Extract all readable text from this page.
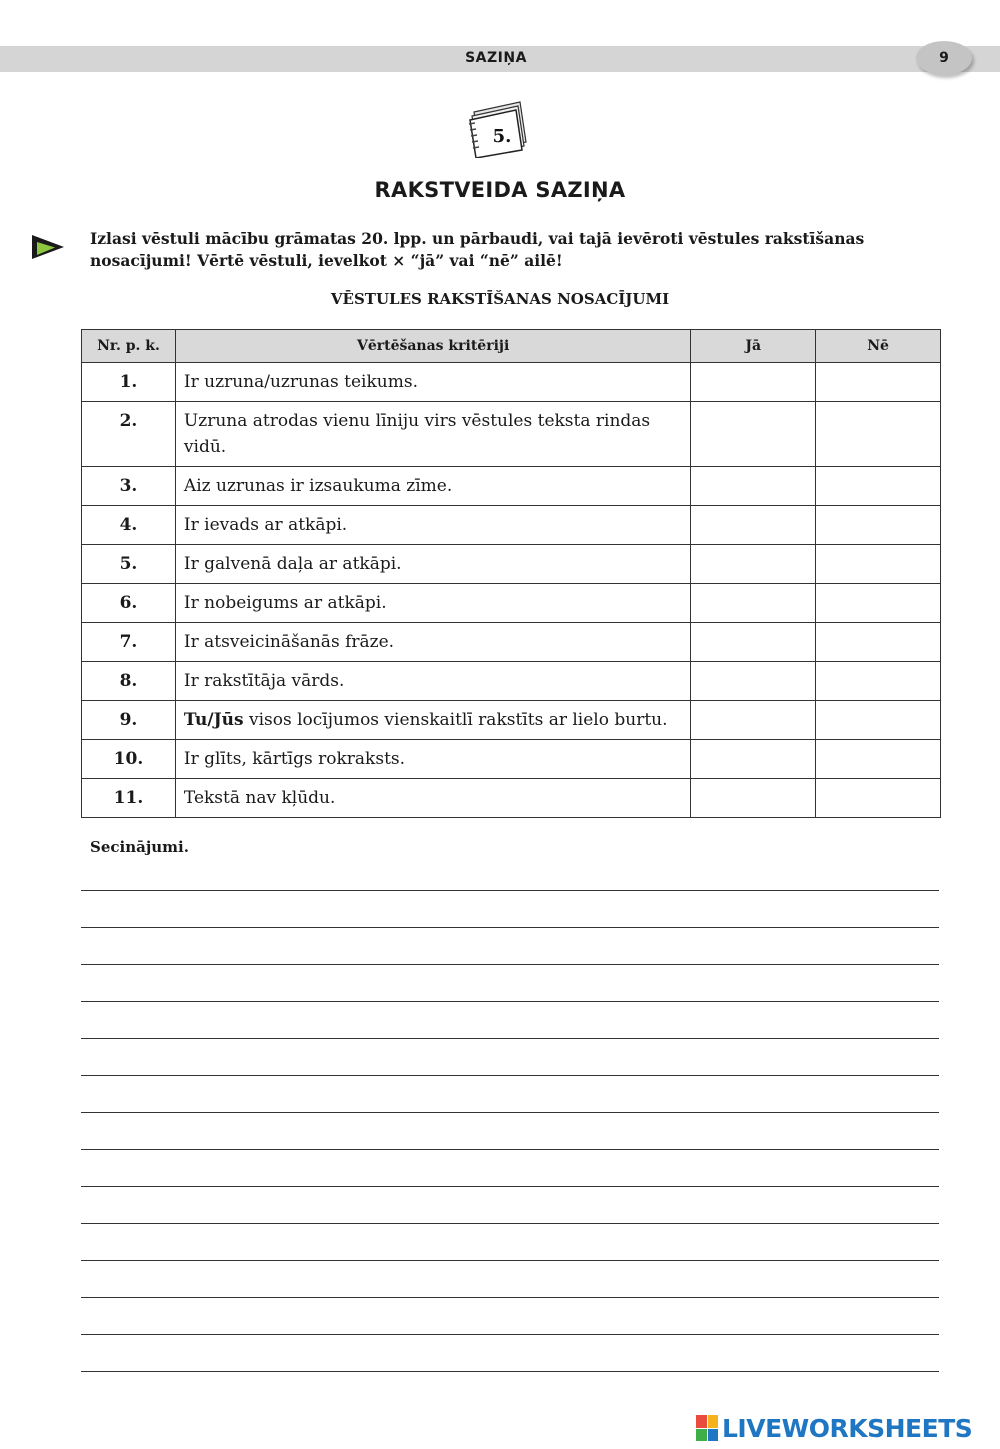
SAZIŅA	9
5.
RAKSTVEIDA SAZIŅA
Izlasi vēstuli mācību grāmatas 20. lpp. un pārbaudi, vai tajā ievēroti vēstules rakstīšanas nosacījumi! Vērtē vēstuli, ievelkot × “jā” vai “nē” ailē!
VĒSTULES RAKSTĪŠANAS NOSACĪJUMI
Nr. p. k.	Vērtēšanas kritēriji	Jā	Nē
1.	Ir uzruna/uzrunas teikums.		
2.	Uzruna atrodas vienu līniju virs vēstules teksta rindas vidū.		
3.	Aiz uzrunas ir izsaukuma zīme.		
4.	Ir ievads ar atkāpi.		
5.	Ir galvenā daļa ar atkāpi.		
6.	Ir nobeigums ar atkāpi.		
7.	Ir atsveicināšanās frāze.		
8.	Ir rakstītāja vārds.		
9.	Tu/Jūs visos locījumos vienskaitlī rakstīts ar lielo burtu.		
10.	Ir glīts, kārtīgs rokraksts.		
11.	Tekstā nav kļūdu.		
Secinājumi.
LIVEWORKSHEETS
